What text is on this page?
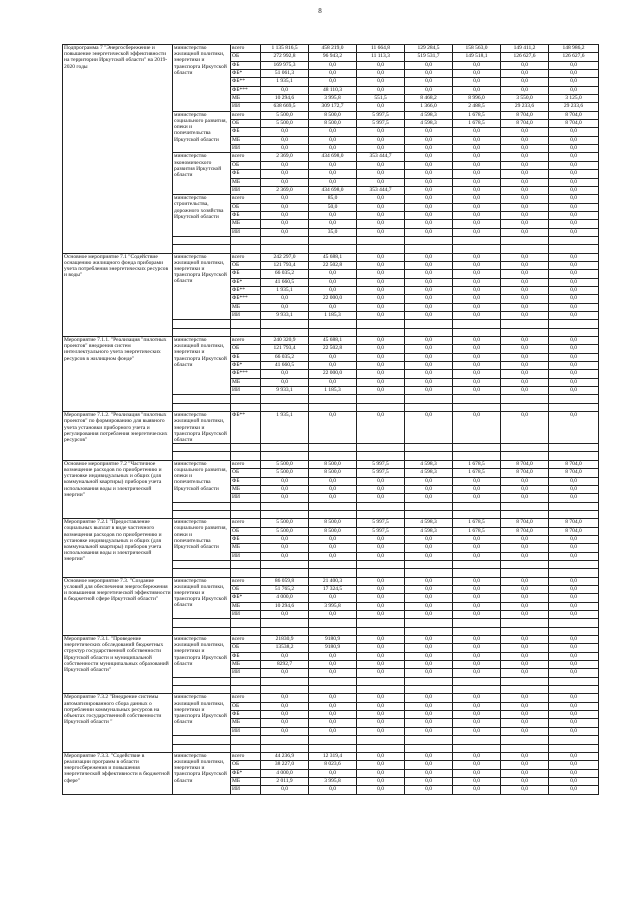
8
Подпрограмма 7 "Энергосбережение и повышение энергетической эффективности на территории Иркутской области" на 2019-2020 годы	министерство жилищной политики, энергетики и транспорта Иркутской области	всего	1 135 816,5	458 219,0	11 664,8	129 284,5	158 563,0	149 411,2	148 986,2
		ОБ	272 992,8	96 943,2	11 113,3	519 531,7	149 518,1	126 627,6	126 627,6
		ФБ	169 975,3	0,0	0,0	0,0	0,0	0,0	0,0
		ФБ*	51 061,3	0,0	0,0	0,0	0,0	0,0	0,0
		ФБ**	1 935,1	0,0	0,0	0,0	0,0	0,0	0,0
		ФБ***	0,0	48 110,3	0,0	0,0	0,0	0,0	0,0
		МБ	10 294,6	3 995,8	551,5	8 468,2	8 996,0	3 550,0	3 125,0
		ИИ	638 669,5	309 172,7	0,0	1 366,0	2 488,5	29 233,6	29 233,6
	министерство социального развития, опеки и попечительства Иркутской области	всего	5 500,0	8 500,0	5 997,5	4 598,3	1 678,5	8 704,0	8 704,0
		ОБ	5 500,0	8 500,0	5 997,5	4 598,3	1 678,5	8 704,0	8 704,0
		ФБ	0,0	0,0	0,0	0,0	0,0	0,0	0,0
		МБ	0,0	0,0	0,0	0,0	0,0	0,0	0,0
		ИИ	0,0	0,0	0,0	0,0	0,0	0,0	0,0
	министерство экономического развития Иркутской области	всего	2 369,0	434 698,0	353 444,7	0,0	0,0	0,0	0,0
		ОБ	0,0	0,0	0,0	0,0	0,0	0,0	0,0
		ФБ	0,0	0,0	0,0	0,0	0,0	0,0	0,0
		МБ	0,0	0,0	0,0	0,0	0,0	0,0	0,0
		ИИ	2 369,0	434 698,0	353 444,7	0,0	0,0	0,0	0,0
	министерство строительства, дорожного хозяйства Иркутской области	всего	0,0	85,0	0,0	0,0	0,0	0,0	0,0
		ОБ	0,0	50,0	0,0	0,0	0,0	0,0	0,0
		ФБ	0,0	0,0	0,0	0,0	0,0	0,0	0,0
		МБ	0,0	0,0	0,0	0,0	0,0	0,0	0,0
		ИИ	0,0	35,0	0,0	0,0	0,0	0,0	0,0

Основное мероприятие 7.1 "Содействие оснащению жилищного фонда приборами учета потребления энергетических ресурсов и воды"	министерство жилищной политики, энергетики и транспорта Иркутской области	всего	242 297,0	45 688,1	0,0	0,0	0,0	0,0	0,0
		ОБ	121 793,4	22 502,8	0,0	0,0	0,0	0,0	0,0
		ФБ	66 035,2	0,0	0,0	0,0	0,0	0,0	0,0
		ФБ*	41 660,5	0,0	0,0	0,0	0,0	0,0	0,0
		ФБ**	1 935,1	0,0	0,0	0,0	0,0	0,0	0,0
		ФБ***	0,0	22 000,0	0,0	0,0	0,0	0,0	0,0
		МБ	0,0	0,0	0,0	0,0	0,0	0,0	0,0
		ИИ	9 933,1	1 185,3	0,0	0,0	0,0	0,0	0,0

Мероприятие 7.1.1. "Реализация "пилотных проектов" внедрения систем интеллектуального учета энергетических ресурсов в жилищном фонде"	министерство жилищной политики, энергетики и транспорта Иркутской области	всего	240 320,9	45 688,1	0,0	0,0	0,0	0,0	0,0
		ОБ	121 793,4	22 502,8	0,0	0,0	0,0	0,0	0,0
		ФБ	66 035,2	0,0	0,0	0,0	0,0	0,0	0,0
		ФБ*	41 660,5	0,0	0,0	0,0	0,0	0,0	0,0
		ФБ***	0,0	22 000,0	0,0	0,0	0,0	0,0	0,0
		МБ	0,0	0,0	0,0	0,0	0,0	0,0	0,0
		ИИ	9 933,1	1 185,3	0,0	0,0	0,0	0,0	0,0

Мероприятие 7.1.2. "Реализация "пилотных проектов" по формированию для выявного учета установки приборного учета и регулирования потребления энергетических ресурсов"	министерство жилищной политики, энергетики и транспорта Иркутской области	ФБ**	1 935,1	0,0	0,0	0,0	0,0	0,0	0,0

Основное мероприятие 7.2 "Частичное возмещение расходов по приобретению и установке индивидуальных и общих (для коммунальной квартиры) приборов учета использования воды и электрической энергии"	министерство социального развития, опеки и попечительства Иркутской области	всего	5 500,0	8 500,0	5 997,5	4 598,3	1 678,5	8 704,0	8 704,0
		ОБ	5 500,0	8 500,0	5 997,5	4 598,3	1 678,5	8 704,0	8 704,0
		ФБ	0,0	0,0	0,0	0,0	0,0	0,0	0,0
		МБ	0,0	0,0	0,0	0,0	0,0	0,0	0,0
		ИИ	0,0	0,0	0,0	0,0	0,0	0,0	0,0

Мероприятие 7.2.1 "Предоставление социальных выплат в виде частичного возмещения расходов по приобретению и установке индивидуальных и общих (для коммунальной квартиры) приборов учета использования воды и электрической энергии"	министерство социального развития, опеки и попечительства Иркутской области	всего	5 500,0	8 500,0	5 997,5	4 598,3	1 678,5	8 704,0	8 704,0
		ОБ	5 500,0	8 500,0	5 997,5	4 598,3	1 678,5	8 704,0	8 704,0
		ФБ	0,0	0,0	0,0	0,0	0,0	0,0	0,0
		МБ	0,0	0,0	0,0	0,0	0,0	0,0	0,0
		ИИ	0,0	0,0	0,0	0,0	0,0	0,0	0,0

Основное мероприятие 7.3. "Создание условий для обеспечения энергосбережения и повышения энергетической эффективности в бюджетной сфере Иркутской области"	министерство жилищной политики, энергетики и транспорта Иркутской области	всего	86 059,8	21 400,3	0,0	0,0	0,0	0,0	0,0
		ОБ	51 765,2	17 324,5	0,0	0,0	0,0	0,0	0,0
		ФБ*	4 000,0	0,0	0,0	0,0	0,0	0,0	0,0
		МБ	10 294,6	3 995,8	0,0	0,0	0,0	0,0	0,0
		ИИ	0,0	0,0	0,0	0,0	0,0	0,0	0,0

Мероприятие 7.3.1. "Проведение энергетических обследований бюджетных структур государственной собственности Иркутской области и муниципальной собственности муниципальных образований Иркутской области"	министерство жилищной политики, энергетики и транспорта Иркутской области	всего	21830,9	9180,9	0,0	0,0	0,0	0,0	0,0
		ОБ	13538,2	9180,9	0,0	0,0	0,0	0,0	0,0
		ФБ	0,0	0,0	0,0	0,0	0,0	0,0	0,0
		МБ	8292,7	0,0	0,0	0,0	0,0	0,0	0,0
		ИИ	0,0	0,0	0,0	0,0	0,0	0,0	0,0

Мероприятие 7.3.2 "Внедрение системы автоматизированного сбора данных о потреблении коммунальных ресурсов на объектах государственной собственности Иркутской области "	министерство жилищной политики, энергетики и транспорта Иркутской области	всего	0,0	0,0	0,0	0,0	0,0	0,0	0,0
		ОБ	0,0	0,0	0,0	0,0	0,0	0,0	0,0
		ФБ	0,0	0,0	0,0	0,0	0,0	0,0	0,0
		МБ	0,0	0,0	0,0	0,0	0,0	0,0	0,0
		ИИ	0,0	0,0	0,0	0,0	0,0	0,0	0,0

Мероприятие 7.3.3. "Содействие в реализации программ в области энергосбережения и повышения энергетической эффективности в бюджетной сфере"	министерство жилищной политики, энергетики и транспорта Иркутской области	всего	44 236,9	12 319,4	0,0	0,0	0,0	0,0	0,0
		ОБ	38 227,0	8 023,6	0,0	0,0	0,0	0,0	0,0
		ФБ*	4 000,0	0,0	0,0	0,0	0,0	0,0	0,0
		МБ	2 011,9	3 995,8	0,0	0,0	0,0	0,0	0,0
		ИИ	0,0	0,0	0,0	0,0	0,0	0,0	0,0
